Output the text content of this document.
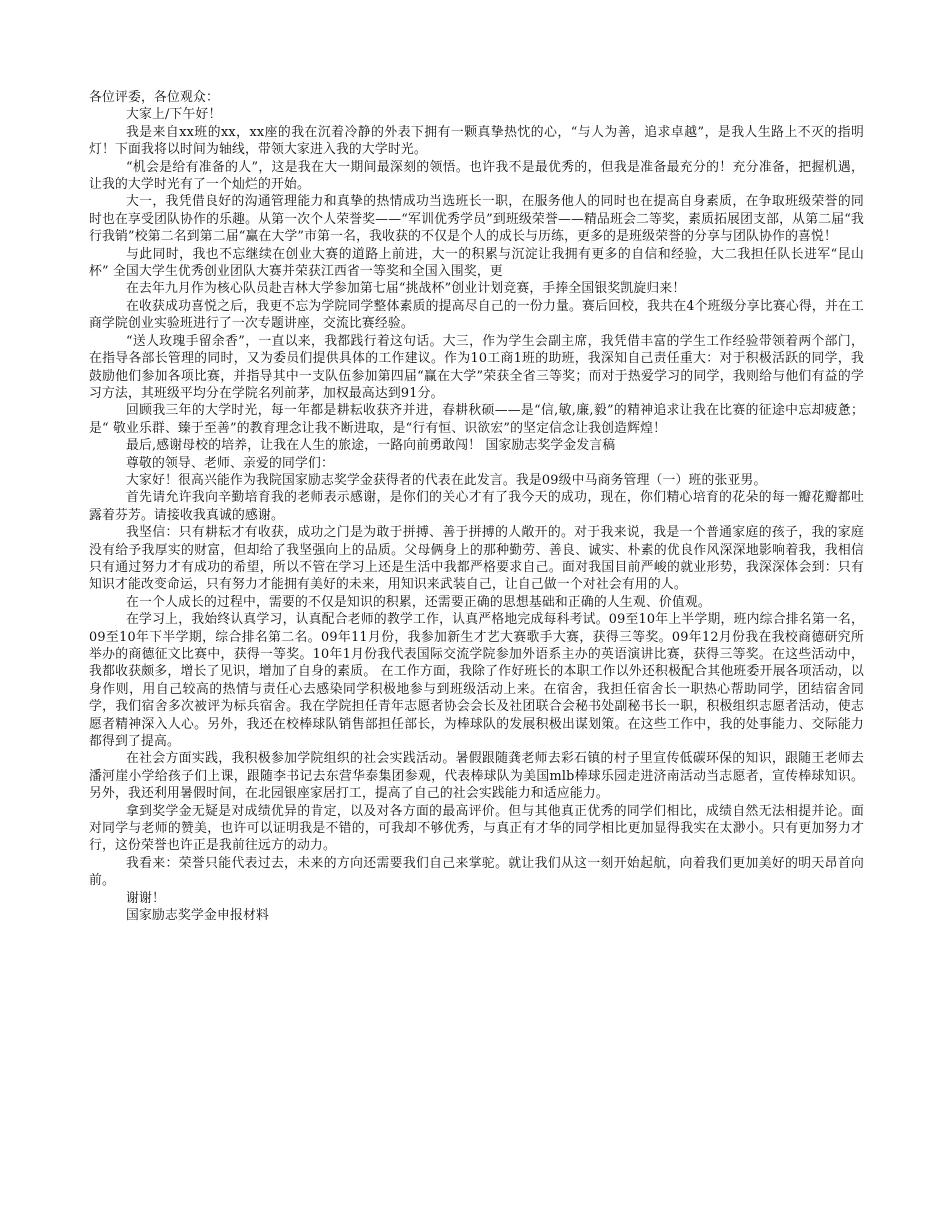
各位评委，各位观众：

大家上/下午好！

我是来自xx班的xx，xx座的我在沉着冷静的外表下拥有一颗真挚热忱的心，“与人为善，追求卓越”，是我人生路上不灭的指明灯！下面我将以时间为轴线，带领大家进入我的大学时光。

“机会是给有准备的人”，这是我在大一期间最深刻的领悟。也许我不是最优秀的，但我是准备最充分的！充分准备，把握机遇，让我的大学时光有了一个灿烂的开始。

大一，我凭借良好的沟通管理能力和真挚的热情成功当选班长一职，在服务他人的同时也在提高自身素质，在争取班级荣誉的同时也在享受团队协作的乐趣。从第一次个人荣誉奖——“军训优秀学员”到班级荣誉——精品班会二等奖，素质拓展团支部，从第二届“我行我销”校第二名到第二届“赢在大学”市第一名，我收获的不仅是个人的成长与历练，更多的是班级荣誉的分享与团队协作的喜悦！

与此同时，我也不忘继续在创业大赛的道路上前进，大一的积累与沉淀让我拥有更多的自信和经验，大二我担任队长进军“昆山杯” 全国大学生优秀创业团队大赛并荣获江西省一等奖和全国入围奖，更

在去年九月作为核心队员赴吉林大学参加第七届“挑战杯”创业计划竞赛，手捧全国银奖凯旋归来！

在收获成功喜悦之后，我更不忘为学院同学整体素质的提高尽自己的一份力量。赛后回校，我共在4个班级分享比赛心得，并在工商学院创业实验班进行了一次专题讲座，交流比赛经验。

“送人玫瑰手留余香”，一直以来，我都践行着这句话。大三，作为学生会副主席，我凭借丰富的学生工作经验带领着两个部门，在指导各部长管理的同时，又为委员们提供具体的工作建议。作为10工商1班的助班，我深知自己责任重大：对于积极活跃的同学，我鼓励他们参加各项比赛，并指导其中一支队伍参加第四届“赢在大学”荣获全省三等奖；而对于热爱学习的同学，我则给与他们有益的学习方法，其班级平均分在学院名列前茅，加权最高达到91分。

回顾我三年的大学时光，每一年都是耕耘收获齐并进，春耕秋硕——是“信,敏,廉,毅”的精神追求让我在比赛的征途中忘却疲惫；是“ 敬业乐群、臻于至善”的教育理念让我不断进取，是“行有恒、识欲宏”的坚定信念让我创造辉煌！

最后,感谢母校的培养，让我在人生的旅途，一路向前勇敢闯！ 国家励志奖学金发言稿

尊敬的领导、老师、亲爱的同学们：

大家好！很高兴能作为我院国家励志奖学金获得者的代表在此发言。我是09级中马商务管理（一）班的张亚男。

首先请允许我向辛勤培育我的老师表示感谢，是你们的关心才有了我今天的成功，现在，你们精心培育的花朵的每一瓣花瓣都吐露着芬芳。请接收我真诚的感谢。

我坚信：只有耕耘才有收获，成功之门是为敢于拼搏、善于拼搏的人敞开的。对于我来说，我是一个普通家庭的孩子，我的家庭没有给予我厚实的财富，但却给了我坚强向上的品质。父母俩身上的那种勤劳、善良、诚实、朴素的优良作风深深地影响着我，我相信只有通过努力才有成功的希望，所以不管在学习上还是生活中我都严格要求自己。面对我国目前严峻的就业形势，我深深体会到：只有知识才能改变命运，只有努力才能拥有美好的未来，用知识来武装自己，让自己做一个对社会有用的人。

在一个人成长的过程中，需要的不仅是知识的积累，还需要正确的思想基础和正确的人生观、价值观。

在学习上，我始终认真学习，认真配合老师的教学工作，认真严格地完成每科考试。09至10年上半学期，班内综合排名第一名，09至10年下半学期，综合排名第二名。09年11月份，我参加新生才艺大赛歌手大赛，获得三等奖。09年12月份我在我校商德研究所举办的商德征文比赛中，获得一等奖。10年1月份我代表国际交流学院参加外语系主办的英语演讲比赛，获得三等奖。在这些活动中，我都收获颇多，增长了见识，增加了自身的素质。 在工作方面，我除了作好班长的本职工作以外还积极配合其他班委开展各项活动，以身作则，用自己较高的热情与责任心去感染同学积极地参与到班级活动上来。在宿舍，我担任宿舍长一职热心帮助同学，团结宿舍同学，我们宿舍多次被评为标兵宿舍。我在学院担任青年志愿者协会会长及社团联合会秘书处副秘书长一职，积极组织志愿者活动，使志愿者精神深入人心。另外，我还在校棒球队销售部担任部长，为棒球队的发展积极出谋划策。在这些工作中，我的处事能力、交际能力都得到了提高。

在社会方面实践，我积极参加学院组织的社会实践活动。暑假跟随龚老师去彩石镇的村子里宣传低碳环保的知识，跟随王老师去潘河崖小学给孩子们上课，跟随李书记去东营华泰集团参观，代表棒球队为美国mlb棒球乐园走进济南活动当志愿者，宣传棒球知识。另外，我还利用暑假时间，在北园银座家居打工，提高了自己的社会实践能力和适应能力。

拿到奖学金无疑是对成绩优异的肯定，以及对各方面的最高评价。但与其他真正优秀的同学们相比，成绩自然无法相提并论。面对同学与老师的赞美，也许可以证明我是不错的，可我却不够优秀，与真正有才华的同学相比更加显得我实在太渺小。只有更加努力才行，这份荣誉也许正是我前往远方的动力。

我看来：荣誉只能代表过去，未来的方向还需要我们自己来掌驼。就让我们从这一刻开始起航，向着我们更加美好的明天昂首向前。

谢谢！

国家励志奖学金申报材料
